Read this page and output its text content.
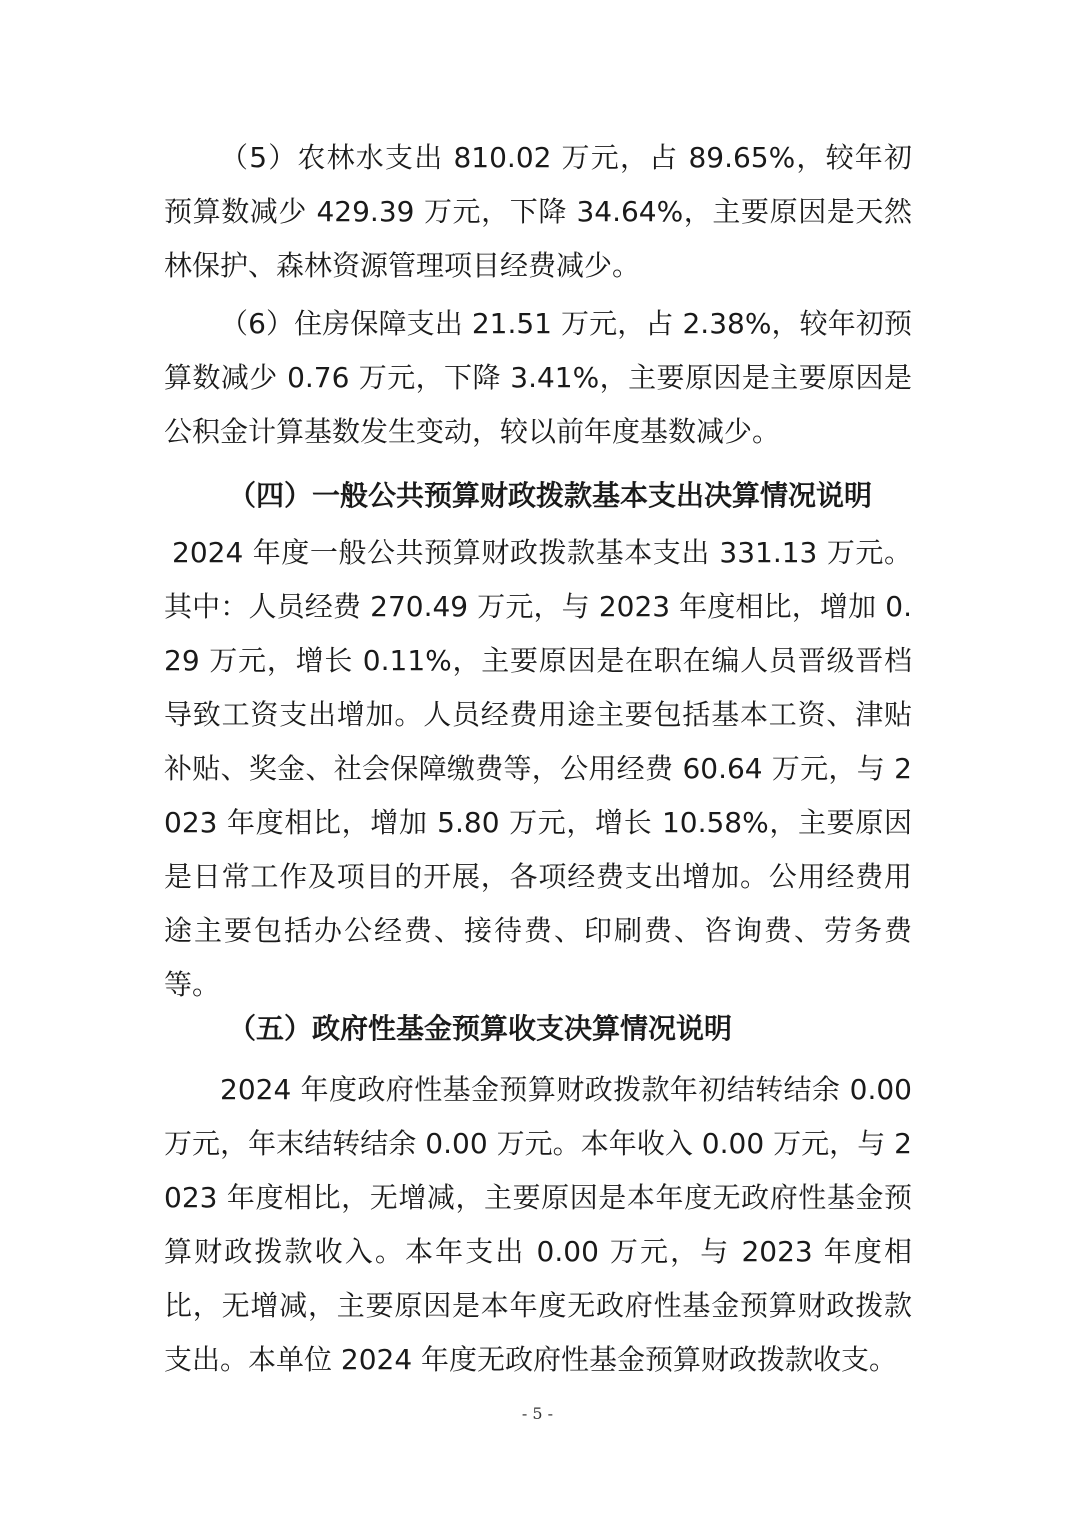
（5）农林水支出 810.02 万元，占 89.65%，较年初预算数减少 429.39 万元，下降 34.64%，主要原因是天然林保护、森林资源管理项目经费减少。

（6）住房保障支出 21.51 万元，占 2.38%，较年初预算数减少 0.76 万元，下降 3.41%，主要原因是主要原因是公积金计算基数发生变动，较以前年度基数减少。

（四）一般公共预算财政拨款基本支出决算情况说明

2024 年度一般公共预算财政拨款基本支出 331.13 万元。其中：人员经费 270.49 万元，与 2023 年度相比，增加 0.29 万元，增长 0.11%，主要原因是在职在编人员晋级晋档导致工资支出增加。人员经费用途主要包括基本工资、津贴补贴、奖金、社会保障缴费等，公用经费 60.64 万元，与 2023 年度相比，增加 5.80 万元，增长 10.58%，主要原因是日常工作及项目的开展，各项经费支出增加。公用经费用途主要包括办公经费、接待费、印刷费、咨询费、劳务费等。

（五）政府性基金预算收支决算情况说明

2024 年度政府性基金预算财政拨款年初结转结余 0.00 万元，年末结转结余 0.00 万元。本年收入 0.00 万元，与 2023 年度相比，无增减，主要原因是本年度无政府性基金预算财政拨款收入。本年支出 0.00 万元，与 2023 年度相比，无增减，主要原因是本年度无政府性基金预算财政拨款支出。本单位 2024 年度无政府性基金预算财政拨款收支。

- 5 -
